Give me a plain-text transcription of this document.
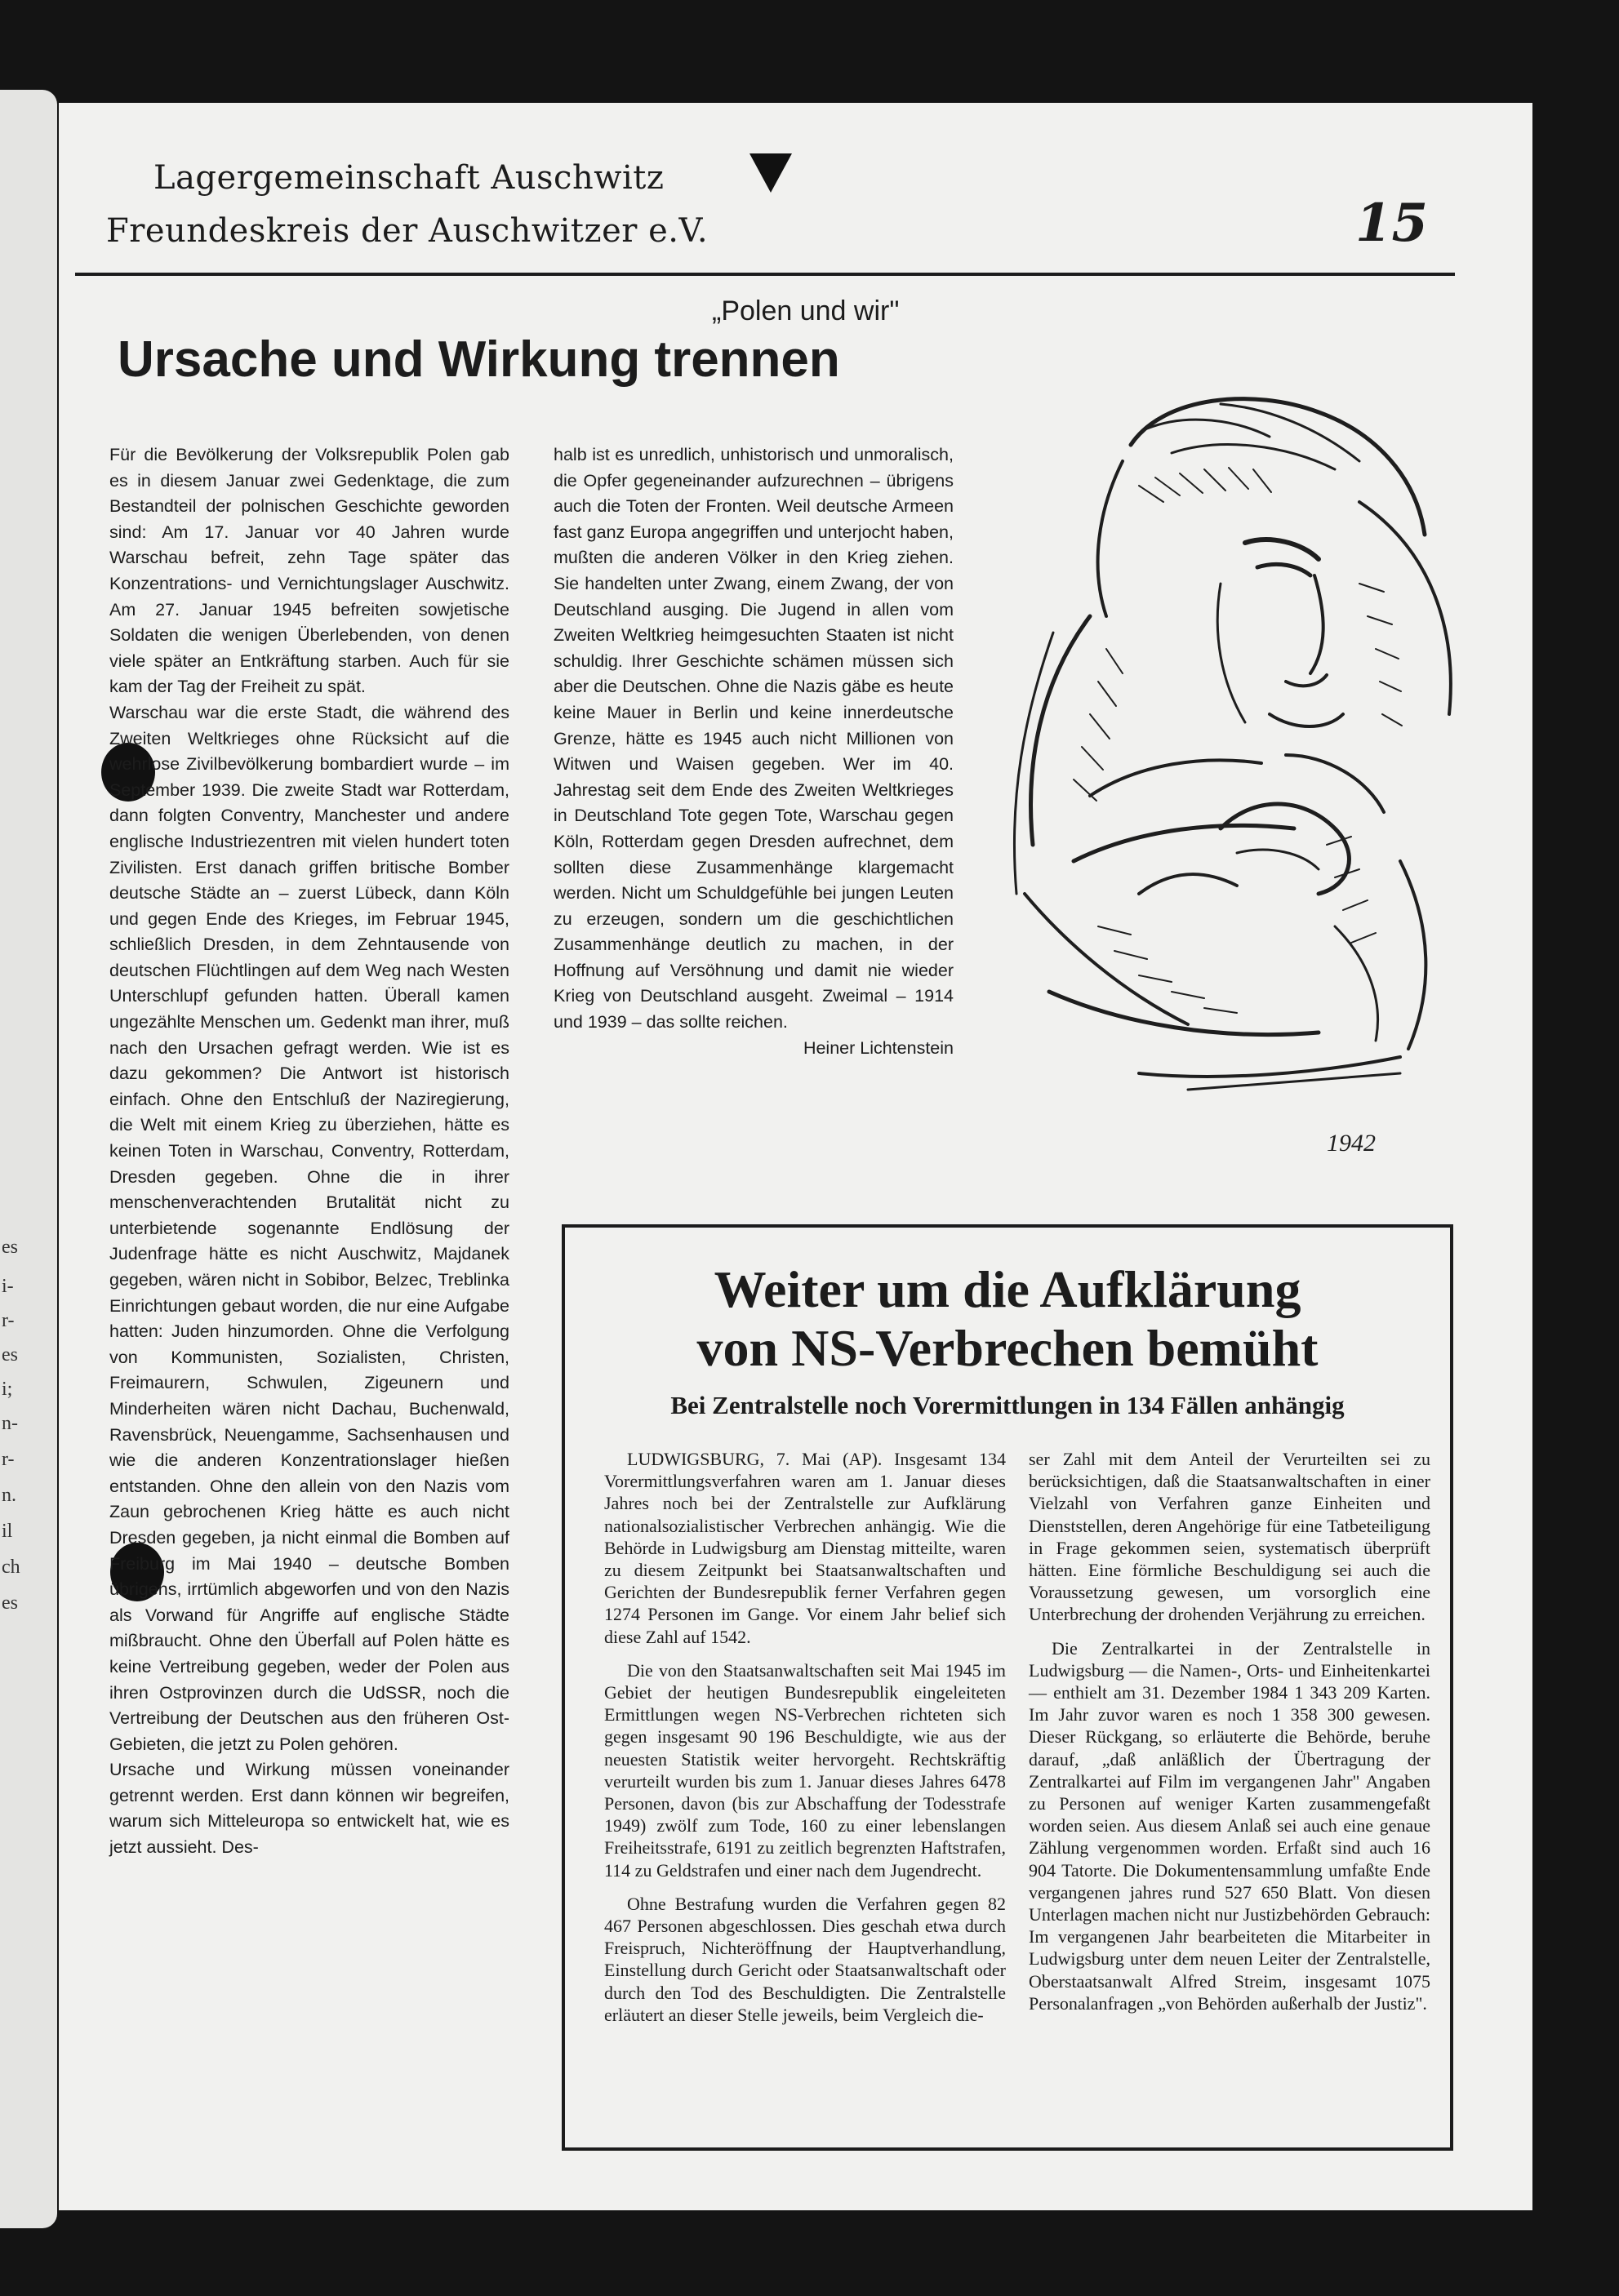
es
i-
r-
es
i;
n-
r-
n.
il
ch
es
Lagergemeinschaft Auschwitz
Freundeskreis der Auschwitzer e.V.	15
„Polen und wir"
Ursache und Wirkung trennen

Für die Bevölkerung der Volksrepublik Polen gab es in diesem Januar zwei Gedenktage, die zum Bestandteil der polnischen Geschichte geworden sind: Am 17. Januar vor 40 Jahren wurde Warschau befreit, zehn Tage später das Konzentrations- und Vernichtungslager Auschwitz. Am 27. Januar 1945 befreiten sowjetische Soldaten die wenigen Überlebenden, von denen viele später an Entkräftung starben. Auch für sie kam der Tag der Freiheit zu spät.

Warschau war die erste Stadt, die während des Zweiten Weltkrieges ohne Rücksicht auf die wehrlose Zivilbevölkerung bombardiert wurde – im September 1939. Die zweite Stadt war Rotterdam, dann folgten Conventry, Manchester und andere englische Industriezentren mit vielen hundert toten Zivilisten. Erst danach griffen britische Bomber deutsche Städte an – zuerst Lübeck, dann Köln und gegen Ende des Krieges, im Februar 1945, schließlich Dresden, in dem Zehntausende von deutschen Flüchtlingen auf dem Weg nach Westen Unterschlupf gefunden hatten. Überall kamen ungezählte Menschen um. Gedenkt man ihrer, muß nach den Ursachen gefragt werden. Wie ist es dazu gekommen? Die Antwort ist historisch einfach. Ohne den Entschluß der Naziregierung, die Welt mit einem Krieg zu überziehen, hätte es keinen Toten in Warschau, Conventry, Rotterdam, Dresden gegeben. Ohne die in ihrer menschenverachtenden Brutalität nicht zu unterbietende sogenannte Endlösung der Judenfrage hätte es nicht Auschwitz, Majdanek gegeben, wären nicht in Sobibor, Belzec, Treblinka Einrichtungen gebaut worden, die nur eine Aufgabe hatten: Juden hinzumorden. Ohne die Verfolgung von Kommunisten, Sozialisten, Christen, Freimaurern, Schwulen, Zigeunern und Minderheiten wären nicht Dachau, Buchenwald, Ravensbrück, Neuengamme, Sachsenhausen und wie die anderen Konzentrationslager hießen entstanden. Ohne den allein von den Nazis vom Zaun gebrochenen Krieg hätte es auch nicht Dresden gegeben, ja nicht einmal die Bomben auf Freiburg im Mai 1940 – deutsche Bomben übrigens, irrtümlich abgeworfen und von den Nazis als Vorwand für Angriffe auf englische Städte mißbraucht. Ohne den Überfall auf Polen hätte es keine Vertreibung gegeben, weder der Polen aus ihren Ostprovinzen durch die UdSSR, noch die Vertreibung der Deutschen aus den früheren Ost-Gebieten, die jetzt zu Polen gehören.

Ursache und Wirkung müssen voneinander getrennt werden. Erst dann können wir begreifen, warum sich Mitteleuropa so entwickelt hat, wie es jetzt aussieht. Des-

halb ist es unredlich, unhistorisch und unmoralisch, die Opfer gegeneinander aufzurechnen – übrigens auch die Toten der Fronten. Weil deutsche Armeen fast ganz Europa angegriffen und unterjocht haben, mußten die anderen Völker in den Krieg ziehen. Sie handelten unter Zwang, einem Zwang, der von Deutschland ausging. Die Jugend in allen vom Zweiten Weltkrieg heimgesuchten Staaten ist nicht schuldig. Ihrer Geschichte schämen müssen sich aber die Deutschen. Ohne die Nazis gäbe es heute keine Mauer in Berlin und keine innerdeutsche Grenze, hätte es 1945 auch nicht Millionen von Witwen und Waisen gegeben. Wer im 40. Jahrestag seit dem Ende des Zweiten Weltkrieges in Deutschland Tote gegen Tote, Warschau gegen Köln, Rotterdam gegen Dresden aufrechnet, dem sollten diese Zusammenhänge klargemacht werden. Nicht um Schuldgefühle bei jungen Leuten zu erzeugen, sondern um die geschichtlichen Zusammenhänge deutlich zu machen, in der Hoffnung auf Versöhnung und damit nie wieder Krieg von Deutschland ausgeht. Zweimal – 1914 und 1939 – das sollte reichen.

Heiner Lichtenstein
1942
Weiter um die Aufklärung
von NS-Verbrechen bemüht
Bei Zentralstelle noch Vorermittlungen in 134 Fällen anhängig

LUDWIGSBURG, 7. Mai (AP). Insgesamt 134 Vorermittlungsverfahren waren am 1. Januar dieses Jahres noch bei der Zentralstelle zur Aufklärung nationalsozialistischer Verbrechen anhängig. Wie die Behörde in Ludwigsburg am Dienstag mitteilte, waren zu diesem Zeitpunkt bei Staatsanwaltschaften und Gerichten der Bundesrepublik ferner Verfahren gegen 1274 Personen im Gange. Vor einem Jahr belief sich diese Zahl auf 1542.

Die von den Staatsanwaltschaften seit Mai 1945 im Gebiet der heutigen Bundesrepublik eingeleiteten Ermittlungen wegen NS-Verbrechen richteten sich gegen insgesamt 90 196 Beschuldigte, wie aus der neuesten Statistik weiter hervorgeht. Rechtskräftig verurteilt wurden bis zum 1. Januar dieses Jahres 6478 Personen, davon (bis zur Abschaffung der Todesstrafe 1949) zwölf zum Tode, 160 zu einer lebenslangen Freiheitsstrafe, 6191 zu zeitlich begrenzten Haftstrafen, 114 zu Geldstrafen und einer nach dem Jugendrecht.

Ohne Bestrafung wurden die Verfahren gegen 82 467 Personen abgeschlossen. Dies geschah etwa durch Freispruch, Nichteröffnung der Hauptverhandlung, Einstellung durch Gericht oder Staatsanwaltschaft oder durch den Tod des Beschuldigten. Die Zentralstelle erläutert an dieser Stelle jeweils, beim Vergleich die-

ser Zahl mit dem Anteil der Verurteilten sei zu berücksichtigen, daß die Staatsanwaltschaften in einer Vielzahl von Verfahren ganze Einheiten und Dienststellen, deren Angehörige für eine Tatbeteiligung in Frage gekommen seien, systematisch überprüft hätten. Eine förmliche Beschuldigung sei auch die Voraussetzung gewesen, um vorsorglich eine Unterbrechung der drohenden Verjährung zu erreichen.

Die Zentralkartei in der Zentralstelle in Ludwigsburg — die Namen-, Orts- und Einheitenkartei — enthielt am 31. Dezember 1984 1 343 209 Karten. Im Jahr zuvor waren es noch 1 358 300 gewesen. Dieser Rückgang, so erläuterte die Behörde, beruhe darauf, „daß anläßlich der Übertragung der Zentralkartei auf Film im vergangenen Jahr" Angaben zu Personen auf weniger Karten zusammengefaßt worden seien. Aus diesem Anlaß sei auch eine genaue Zählung vergenommen worden. Erfaßt sind auch 16 904 Tatorte. Die Dokumentensammlung umfaßte Ende vergangenen jahres rund 527 650 Blatt. Von diesen Unterlagen machen nicht nur Justizbehörden Gebrauch: Im vergangenen Jahr bearbeiteten die Mitarbeiter in Ludwigsburg unter dem neuen Leiter der Zentralstelle, Oberstaatsanwalt Alfred Streim, insgesamt 1075 Personalanfragen „von Behörden außerhalb der Justiz".
